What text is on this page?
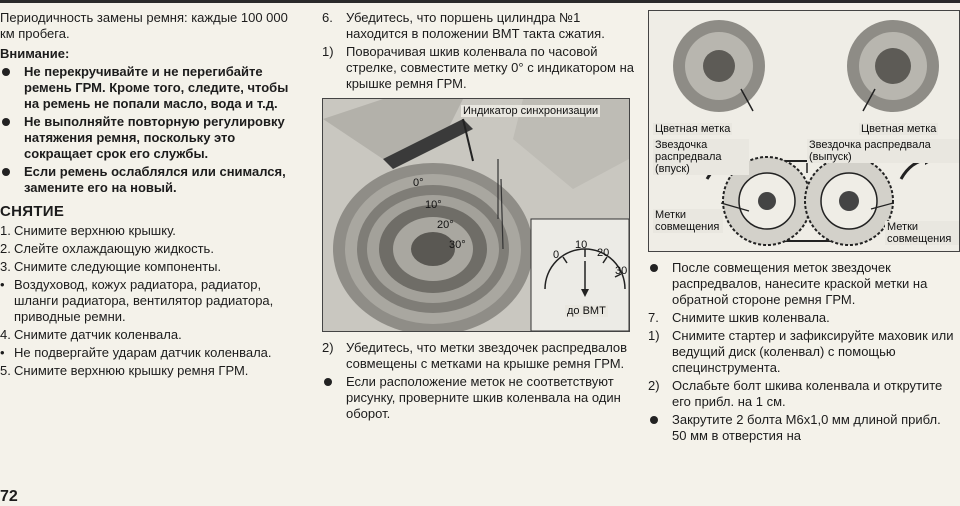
Периодичность замены ремня: каждые 100 000 км пробега.

Внимание:

Не перекручивайте и не перегибайте ремень ГРМ. Кроме того, следите, чтобы на ремень не попали масло, вода и т.д.
Не выполняйте повторную регулировку натяжения ремня, поскольку это сокращает срок его службы.
Если ремень ослаблялся или снимался, замените его на новый.
СНЯТИЕ
1. Снимите верхнюю крышку.
2. Слейте охлаждающую жидкость.
3. Снимите следующие компоненты.
• Воздуховод, кожух радиатора, радиатор, шланги радиатора, вентилятор радиатора, приводные ремни.
4. Снимите датчик коленвала.
• Не подвергайте ударам датчик коленвала.
5. Снимите верхнюю крышку ремня ГРМ.
6.	Убедитесь, что поршень цилиндра №1 находится в положении ВМТ такта сжатия.
1) Поворачивая шкив коленвала по часовой стрелке, совместите метку 0° с индикатором на крышке ремня ГРМ.
Индикатор синхронизации
0°
10°
20°
30°
0
10
20
30
до ВМТ
2) Убедитесь, что метки звездочек распредвалов совмещены с метками на крышке ремня ГРМ.
Если расположение меток не соответствуют рисунку, проверните шкив коленвала на один оборот.
Цветная метка	Цветная метка
Звездочка распредвала (впуск)
Звездочка распредвала (выпуск)
Метки совмещения	Метки совмещения
После совмещения меток звездочек распредвалов, нанесите краской метки на обратной стороне ремня ГРМ.
7.	Снимите шкив коленвала.
1) Снимите стартер и зафиксируйте маховик или ведущий диск (коленвал) с помощью специнструмента.
2) Ослабьте болт шкива коленвала и открутите его прибл. на 1 см.
Закрутите 2 болта М6х1,0 мм длиной прибл. 50 мм в отверстия на
72
